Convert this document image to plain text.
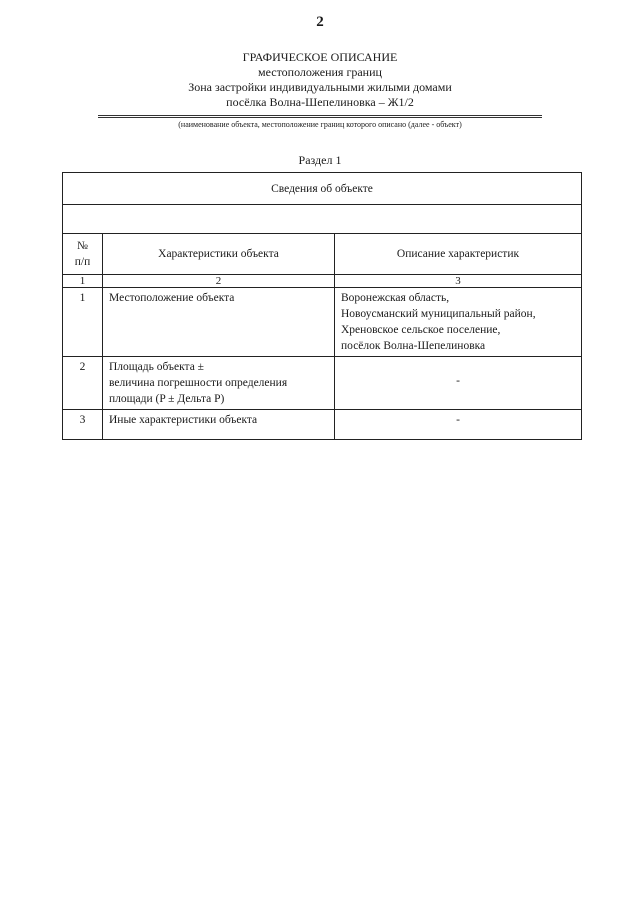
2
ГРАФИЧЕСКОЕ ОПИСАНИЕ
местоположения границ
Зона застройки индивидуальными жилыми домами
посёлка Волна-Шепелиновка – Ж1/2
(наименование объекта, местоположение границ которого описано (далее - объект)
Раздел 1
Сведения об объекте		

№
п/п	Характеристики объекта	Описание характеристик
1	2	3
1	Местоположение объекта	Воронежская область,
Новоусманский муниципальный район,
Хреновское сельское поселение,
посёлок Волна-Шепелиновка

2	Площадь объекта ±
величина погрешности определения
площади (P ± Дельта P)	-

3	Иные характеристики объекта	-
